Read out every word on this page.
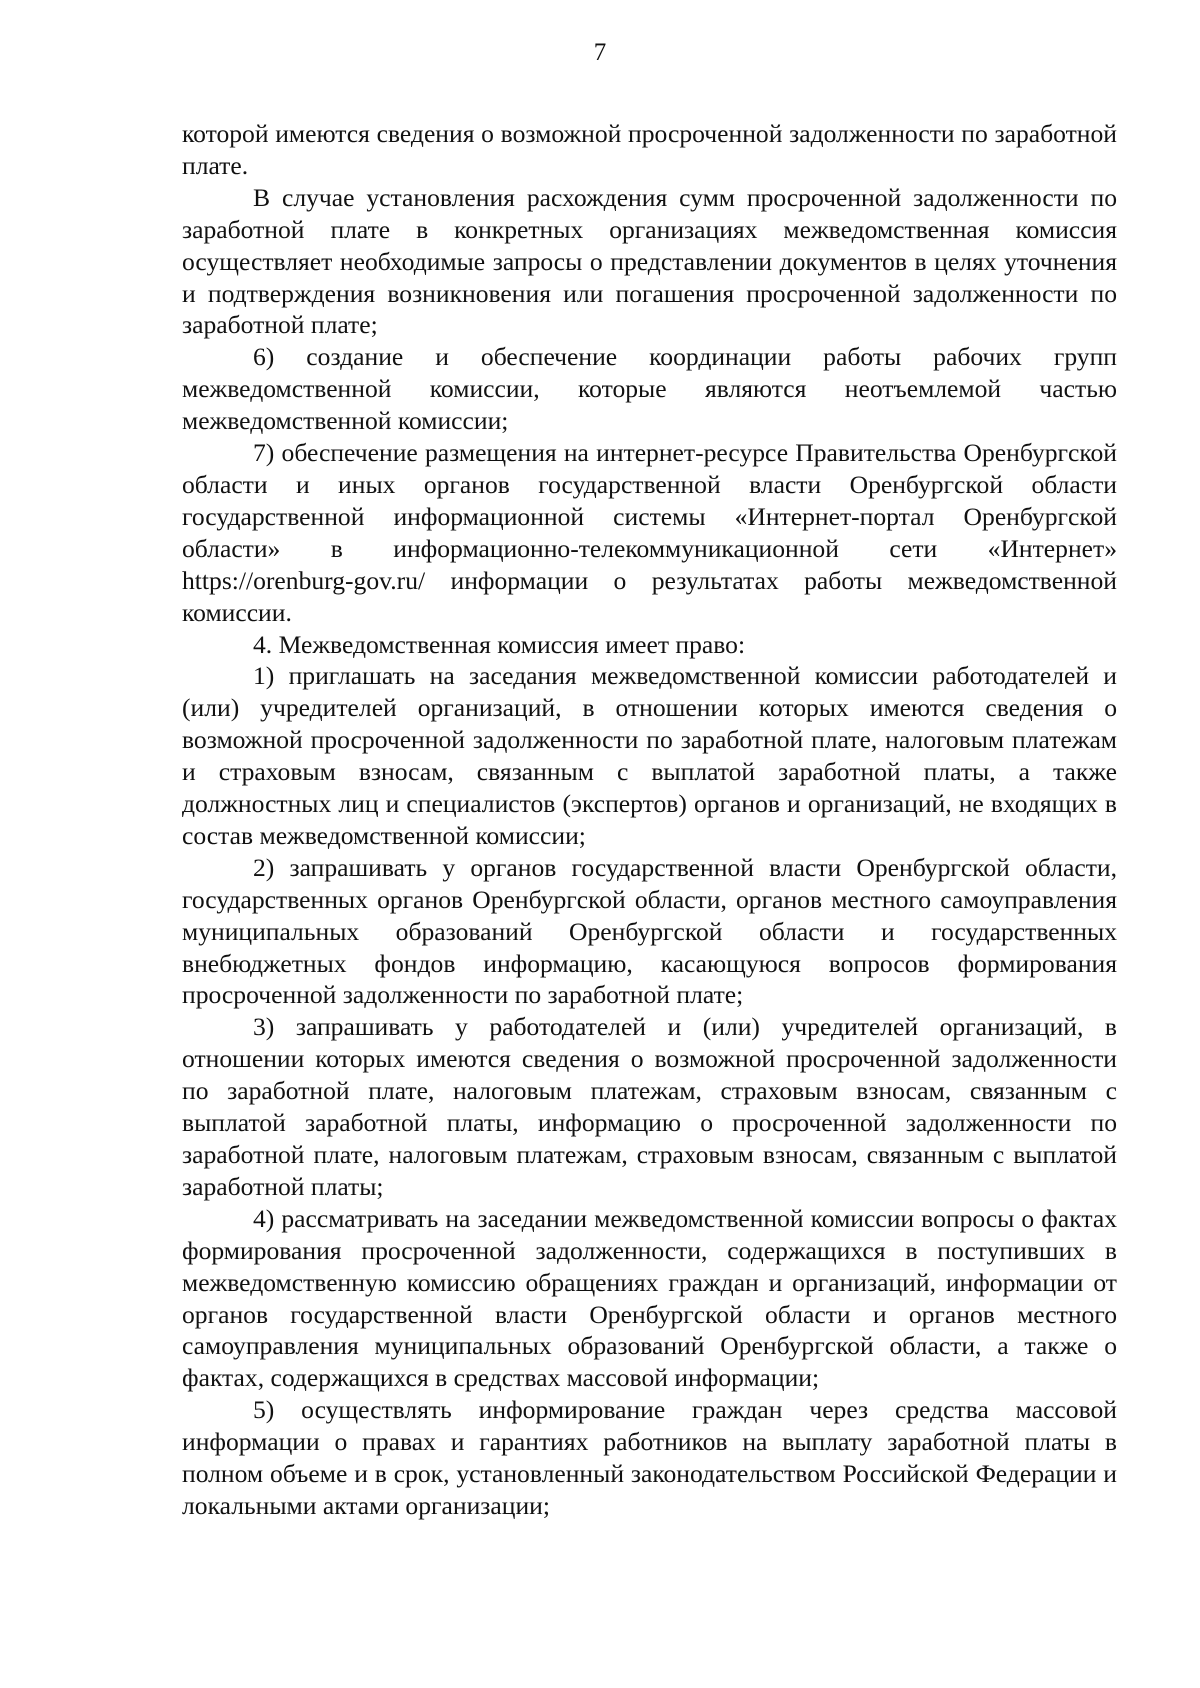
7

которой имеются сведения о возможной просроченной задолженности по заработной плате.

В случае установления расхождения сумм просроченной задолженности по заработной плате в конкретных организациях межведомственная комиссия осуществляет необходимые запросы о представлении документов в целях уточнения и подтверждения возникновения или погашения просроченной задолженности по заработной плате;

6) создание и обеспечение координации работы рабочих групп межведомственной комиссии, которые являются неотъемлемой частью межведомственной комиссии;

7) обеспечение размещения на интернет-ресурсе Правительства Оренбургской области и иных органов государственной власти Оренбургской области государственной информационной системы «Интернет-портал Оренбургской области» в информационно-телекоммуникационной сети «Интернет» https://orenburg-gov.ru/ информации о результатах работы межведомственной комиссии.

4. Межведомственная комиссия имеет право:

1) приглашать на заседания межведомственной комиссии работодателей и (или) учредителей организаций, в отношении которых имеются сведения о возможной просроченной задолженности по заработной плате, налоговым платежам и страховым взносам, связанным с выплатой заработной платы, а также должностных лиц и специалистов (экспертов) органов и организаций, не входящих в состав межведомственной комиссии;

2) запрашивать у органов государственной власти Оренбургской области, государственных органов Оренбургской области, органов местного самоуправления муниципальных образований Оренбургской области и государственных внебюджетных фондов информацию, касающуюся вопросов формирования просроченной задолженности по заработной плате;

3) запрашивать у работодателей и (или) учредителей организаций, в отношении которых имеются сведения о возможной просроченной задолженности по заработной плате, налоговым платежам, страховым взносам, связанным с выплатой заработной платы, информацию о просроченной задолженности по заработной плате, налоговым платежам, страховым взносам, связанным с выплатой заработной платы;

4) рассматривать на заседании межведомственной комиссии вопросы о фактах формирования просроченной задолженности, содержащихся в поступивших в межведомственную комиссию обращениях граждан и организаций, информации от органов государственной власти Оренбургской области и органов местного самоуправления муниципальных образований Оренбургской области, а также о фактах, содержащихся в средствах массовой информации;

5) осуществлять информирование граждан через средства массовой информации о правах и гарантиях работников на выплату заработной платы в полном объеме и в срок, установленный законодательством Российской Федерации и локальными актами организации;
